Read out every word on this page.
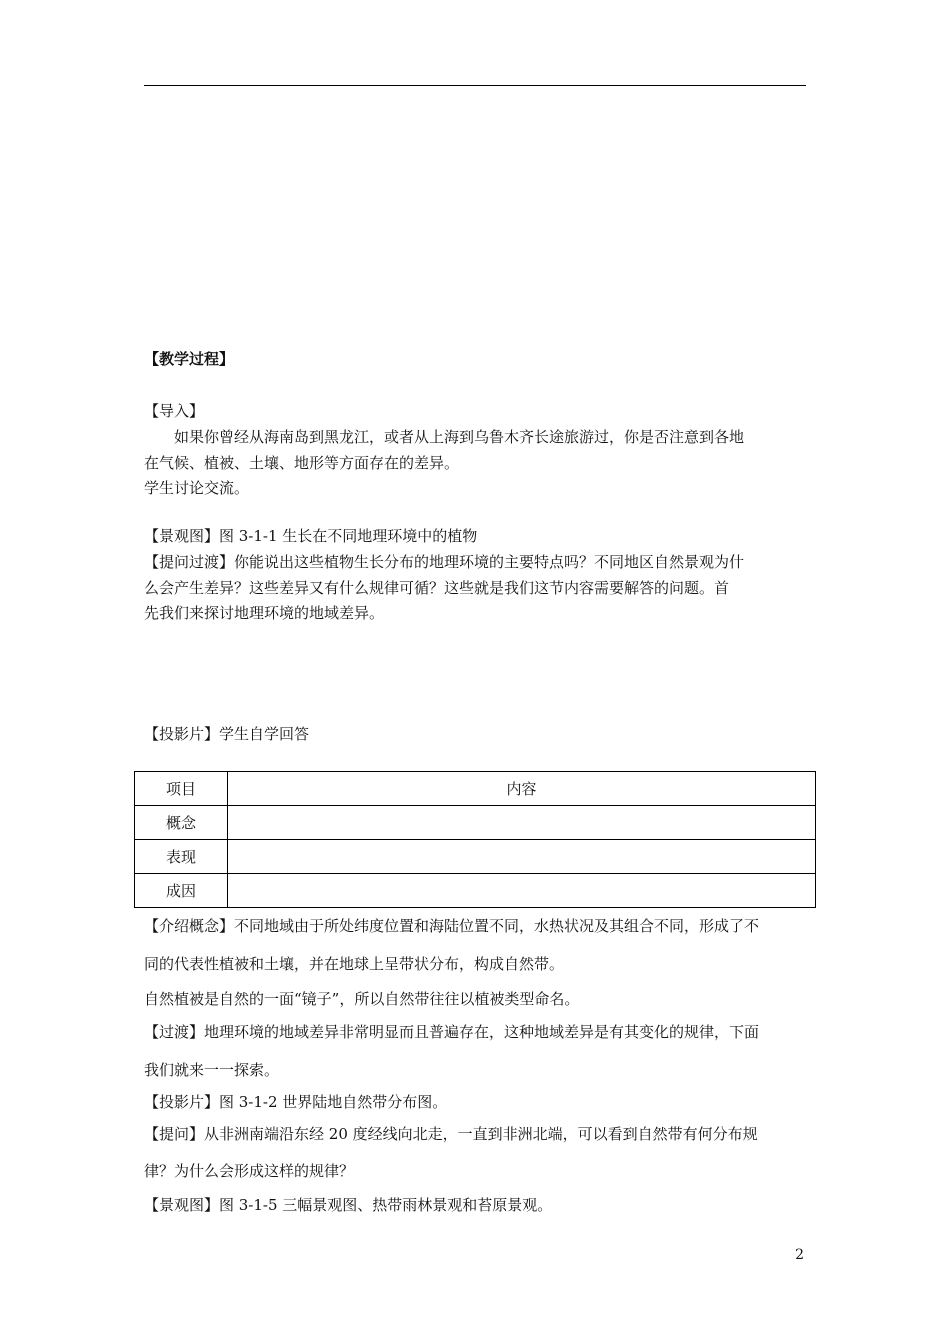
【教学过程】

【导入】

如果你曾经从海南岛到黑龙江，或者从上海到乌鲁木齐长途旅游过，你是否注意到各地

在气候、植被、土壤、地形等方面存在的差异。

学生讨论交流。

【景观图】图 3-1-1 生长在不同地理环境中的植物

【提问过渡】你能说出这些植物生长分布的地理环境的主要特点吗？不同地区自然景观为什

么会产生差异？这些差异又有什么规律可循？这些就是我们这节内容需要解答的问题。首

先我们来探讨地理环境的地域差异。

【投影片】学生自学回答

项目	内容
概念	
表现	
成因	

【介绍概念】不同地域由于所处纬度位置和海陆位置不同，水热状况及其组合不同，形成了不

同的代表性植被和土壤，并在地球上呈带状分布，构成自然带。

自然植被是自然的一面“镜子”，所以自然带往往以植被类型命名。

【过渡】地理环境的地域差异非常明显而且普遍存在，这种地域差异是有其变化的规律，下面

我们就来一一探索。

【投影片】图 3-1-2 世界陆地自然带分布图。

【提问】从非洲南端沿东经 20 度经线向北走，一直到非洲北端，可以看到自然带有何分布规

律？为什么会形成这样的规律？

【景观图】图 3-1-5 三幅景观图、热带雨林景观和苔原景观。

2
